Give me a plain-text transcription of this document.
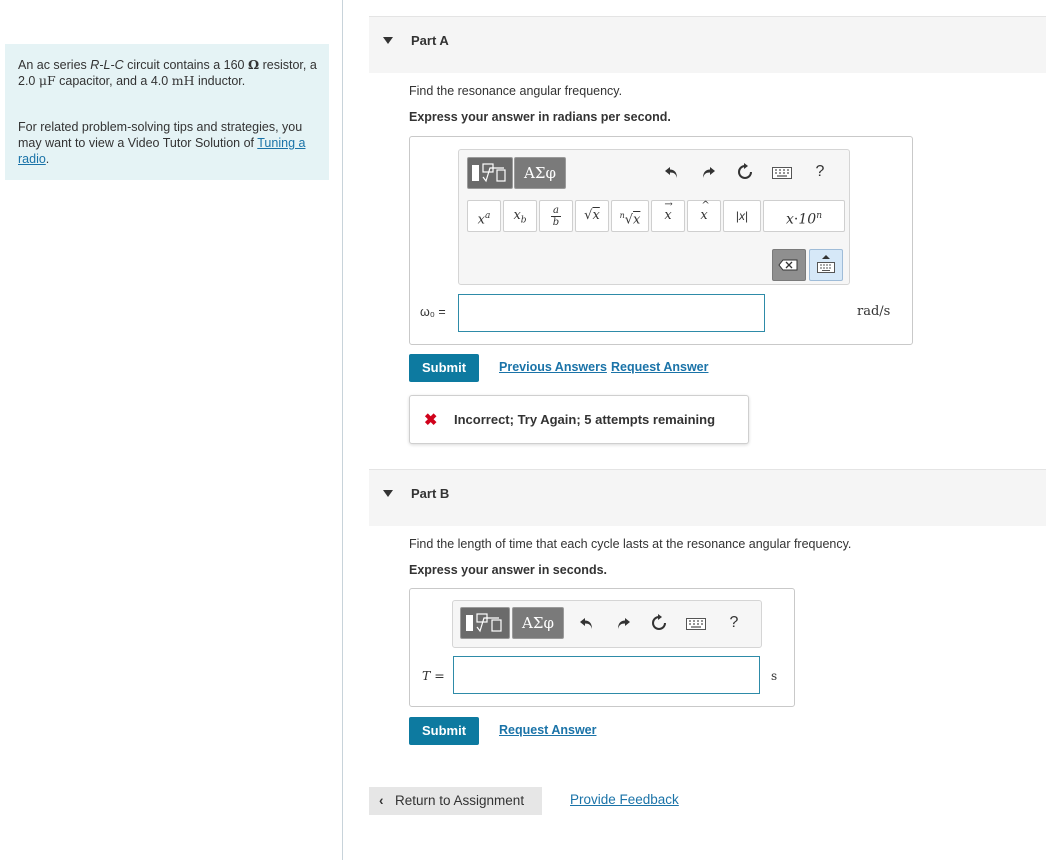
An ac series R-L-C circuit contains a 160 Ω resistor, a 2.0 μF capacitor, and a 4.0 mH inductor.

For related problem-solving tips and strategies, you may want to view a Video Tutor Solution of Tuning a radio.

Part A
Find the resonance angular frequency.
Express your answer in radians per second.
ΑΣφ	?
$x^a$	$x_b$
a
b	√x	$^n$√x
→
x
^
x	|x|	$x\cdot 10^n$
ω₀ =	rad/s
Submit	Previous Answers Request Answer
✖ Incorrect; Try Again; 5 attempts remaining
Part B
Find the length of time that each cycle lasts at the resonance angular frequency.
Express your answer in seconds.
ΑΣφ	?
T =	s
Submit	Request Answer
‹ Return to Assignment	Provide Feedback
